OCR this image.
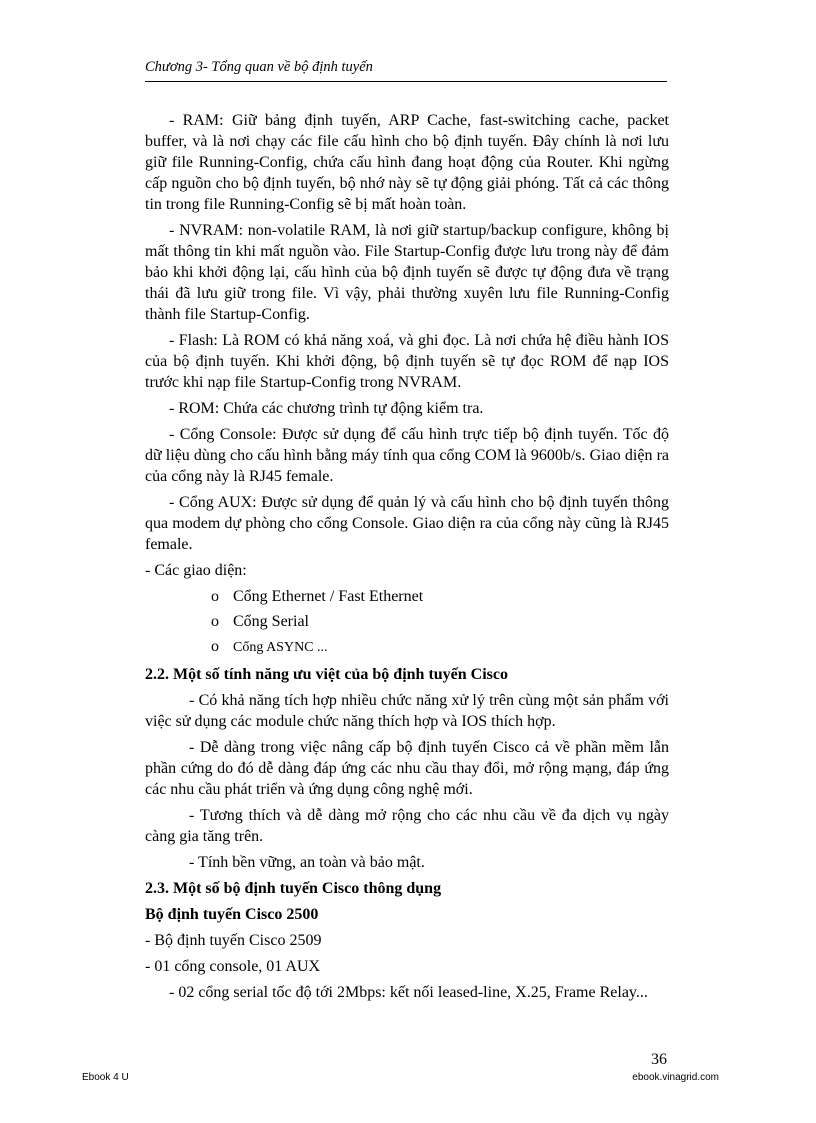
Chương 3- Tổng quan về bộ định tuyến

- RAM: Giữ bảng định tuyến, ARP Cache, fast-switching cache, packet buffer, và là nơi chạy các file cấu hình cho bộ định tuyến. Đây chính là nơi lưu giữ file Running-Config, chứa cấu hình đang hoạt động của Router. Khi ngừng cấp nguồn cho bộ định tuyến, bộ nhớ này sẽ tự động giải phóng. Tất cả các thông tin trong file Running-Config sẽ bị mất hoàn toàn.

- NVRAM: non-volatile RAM, là nơi giữ startup/backup configure, không bị mất thông tin khi mất nguồn vào. File Startup-Config được lưu trong này để đảm bảo khi khởi động lại, cấu hình của bộ định tuyến sẽ được tự động đưa về trạng thái đã lưu giữ trong file. Vì vậy, phải thường xuyên lưu file Running-Config thành file Startup-Config.

- Flash: Là ROM có khả năng xoá, và ghi đọc. Là nơi chứa hệ điều hành IOS của bộ định tuyến. Khi khởi động, bộ định tuyến sẽ tự đọc ROM để nạp IOS trước khi nạp file Startup-Config trong NVRAM.

- ROM: Chứa các chương trình tự động kiểm tra.

- Cổng Console: Được sử dụng để cấu hình trực tiếp bộ định tuyến. Tốc độ dữ liệu dùng cho cấu hình bằng máy tính qua cổng COM là 9600b/s. Giao diện ra của cổng này là RJ45 female.

- Cổng AUX: Được sử dụng để quản lý và cấu hình cho bộ định tuyến thông qua modem dự phòng cho cổng Console. Giao diện ra của cổng này cũng là RJ45 female.

- Các giao diện:

o Cổng Ethernet / Fast Ethernet
o Cổng Serial
o Cổng ASYNC ...

2.2. Một số tính năng ưu việt của bộ định tuyến Cisco

- Có khả năng tích hợp nhiều chức năng xử lý trên cùng một sản phẩm với việc sử dụng các module chức năng thích hợp và IOS thích hợp.

- Dễ dàng trong việc nâng cấp bộ định tuyến Cisco cả về phần mềm lẫn phần cứng do đó dễ dàng đáp ứng các nhu cầu thay đổi, mở rộng mạng, đáp ứng các nhu cầu phát triển và ứng dụng công nghệ mới.

- Tương thích và dễ dàng mở rộng cho các nhu cầu về đa dịch vụ ngày càng gia tăng trên.

- Tính bền vững, an toàn và bảo mật.

2.3. Một số bộ định tuyến Cisco thông dụng

Bộ định tuyến Cisco 2500

- Bộ định tuyến Cisco 2509

- 01 cổng console, 01 AUX

- 02 cổng serial tốc độ tới 2Mbps: kết nối leased-line, X.25, Frame Relay...

36
Ebook 4 U	ebook.vinagrid.com
